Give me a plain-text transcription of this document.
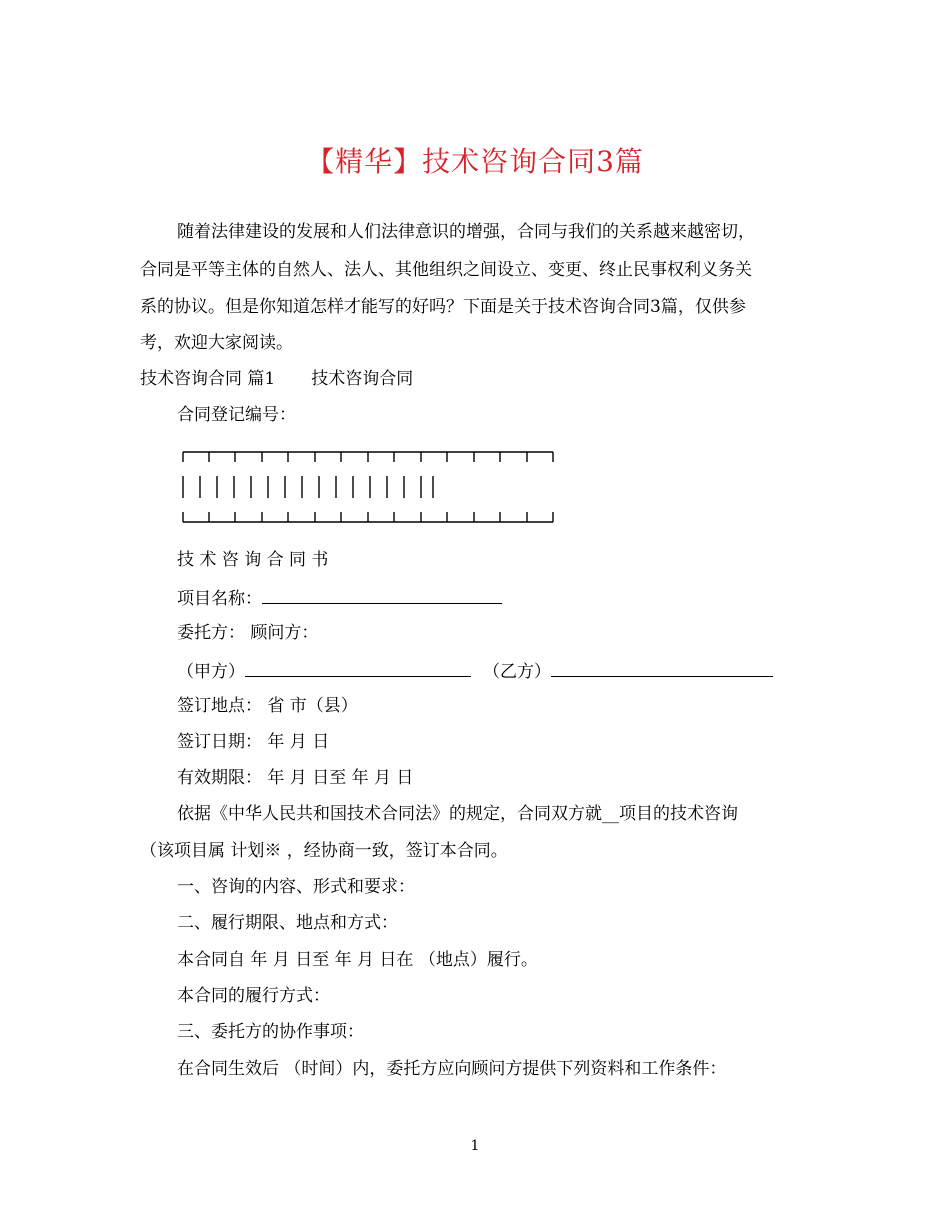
【精华】技术咨询合同3篇
随着法律建设的发展和人们法律意识的增强，合同与我们的关系越来越密切，
合同是平等主体的自然人、法人、其他组织之间设立、变更、终止民事权利义务关
系的协议。但是你知道怎样才能写的好吗？下面是关于技术咨询合同3篇，仅供参
考，欢迎大家阅读。
技术咨询合同 篇1 技术咨询合同
合同登记编号：
技 术 咨 询 合 同 书
项目名称：
委托方： 顾问方：
（甲方）	（乙方）
签订地点： 省 市（县）
签订日期： 年 月 日
有效期限： 年 月 日至 年 月 日
依据《中华人民共和国技术合同法》的规定，合同双方就__项目的技术咨询
（该项目属 计划※ ，经协商一致，签订本合同。
一、咨询的内容、形式和要求：
二、履行期限、地点和方式：
本合同自 年 月 日至 年 月 日在 （地点）履行。
本合同的履行方式：
三、委托方的协作事项：
在合同生效后 （时间）内，委托方应向顾问方提供下列资料和工作条件：
1
